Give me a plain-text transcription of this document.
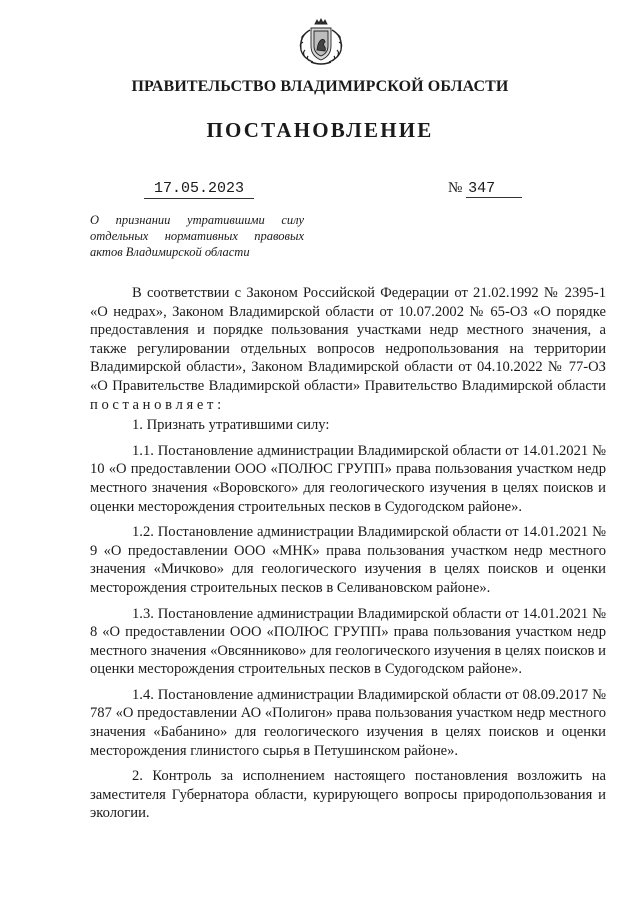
ПРАВИТЕЛЬСТВО ВЛАДИМИРСКОЙ ОБЛАСТИ
ПОСТАНОВЛЕНИЕ
17.05.2023	№ 347
О признании утратившими силу
отдельных нормативных правовых
актов Владимирской области

В соответствии с Законом Российской Федерации от 21.02.1992 № 2395-1 «О недрах», Законом Владимирской области от 10.07.2002 № 65-ОЗ «О порядке предоставления и порядке пользования участками недр местного значения, а также регулировании отдельных вопросов недропользования на территории Владимирской области», Законом Владимирской области от 04.10.2022 № 77-ОЗ «О Правительстве Владимирской области» Правительство Владимирской области п о с т а н о в л я е т :

1. Признать утратившими силу:

1.1. Постановление администрации Владимирской области от 14.01.2021 № 10 «О предоставлении ООО «ПОЛЮС ГРУПП» права пользования участком недр местного значения «Воровского» для геологического изучения в целях поисков и оценки месторождения строительных песков в Судогодском районе».

1.2. Постановление администрации Владимирской области от 14.01.2021 № 9 «О предоставлении ООО «МНК» права пользования участком недр местного значения «Мичково» для геологического изучения в целях поисков и оценки месторождения строительных песков в Селивановском районе».

1.3. Постановление администрации Владимирской области от 14.01.2021 № 8 «О предоставлении ООО «ПОЛЮС ГРУПП» права пользования участком недр местного значения «Овсянниково» для геологического изучения в целях поисков и оценки месторождения строительных песков в Судогодском районе».

1.4. Постановление администрации Владимирской области от 08.09.2017 № 787 «О предоставлении АО «Полигон» права пользования участком недр местного значения «Бабанино» для геологического изучения в целях поисков и оценки месторождения глинистого сырья в Петушинском районе».

2. Контроль за исполнением настоящего постановления возложить на заместителя Губернатора области, курирующего вопросы природопользования и экологии.
